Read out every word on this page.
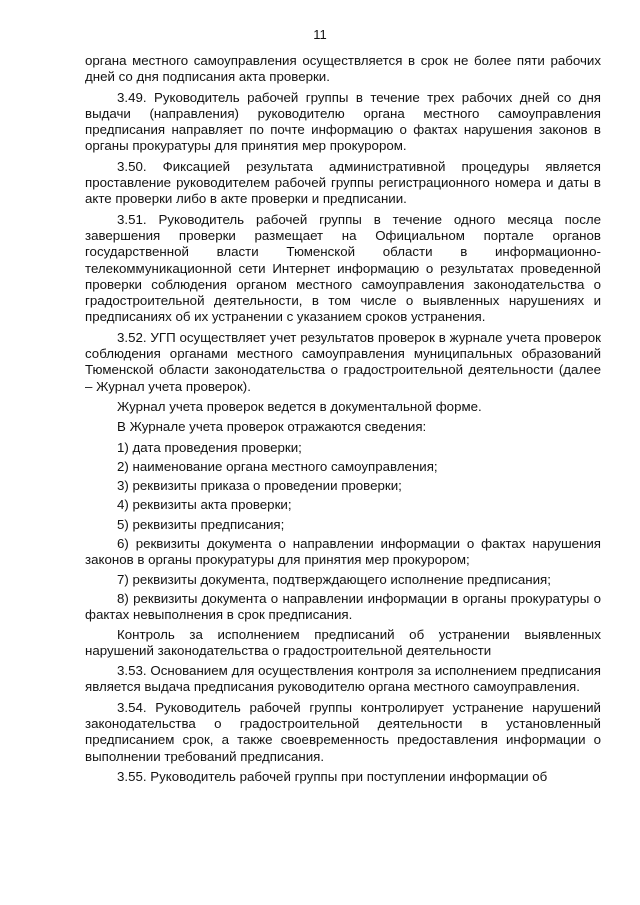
11

органа местного самоуправления осуществляется в срок не более пяти рабочих дней со дня подписания акта проверки.

3.49. Руководитель рабочей группы в течение трех рабочих дней со дня выдачи (направления) руководителю органа местного самоуправления предписания направляет по почте информацию о фактах нарушения законов в органы прокуратуры для принятия мер прокурором.

3.50. Фиксацией результата административной процедуры является проставление руководителем рабочей группы регистрационного номера и даты в акте проверки либо в акте проверки и предписании.

3.51. Руководитель рабочей группы в течение одного месяца после завершения проверки размещает на Официальном портале органов государственной власти Тюменской области в информационно-телекоммуникационной сети Интернет информацию о результатах проведенной проверки соблюдения органом местного самоуправления законодательства о градостроительной деятельности, в том числе о выявленных нарушениях и предписаниях об их устранении с указанием сроков устранения.

3.52. УГП осуществляет учет результатов проверок в журнале учета проверок соблюдения органами местного самоуправления муниципальных образований Тюменской области законодательства о градостроительной деятельности (далее – Журнал учета проверок).

Журнал учета проверок ведется в документальной форме.

В Журнале учета проверок отражаются сведения:

1) дата проведения проверки;

2) наименование органа местного самоуправления;

3) реквизиты приказа о проведении проверки;

4) реквизиты акта проверки;

5) реквизиты предписания;

6) реквизиты документа о направлении информации о фактах нарушения законов в органы прокуратуры для принятия мер прокурором;

7) реквизиты документа, подтверждающего исполнение предписания;

8) реквизиты документа о направлении информации в органы прокуратуры о фактах невыполнения в срок предписания.

Контроль за исполнением предписаний об устранении выявленных нарушений законодательства о градостроительной деятельности

3.53. Основанием для осуществления контроля за исполнением предписания является выдача предписания руководителю органа местного самоуправления.

3.54. Руководитель рабочей группы контролирует устранение нарушений законодательства о градостроительной деятельности в установленный предписанием срок, а также своевременность предоставления информации о выполнении требований предписания.

3.55. Руководитель рабочей группы при поступлении информации об
